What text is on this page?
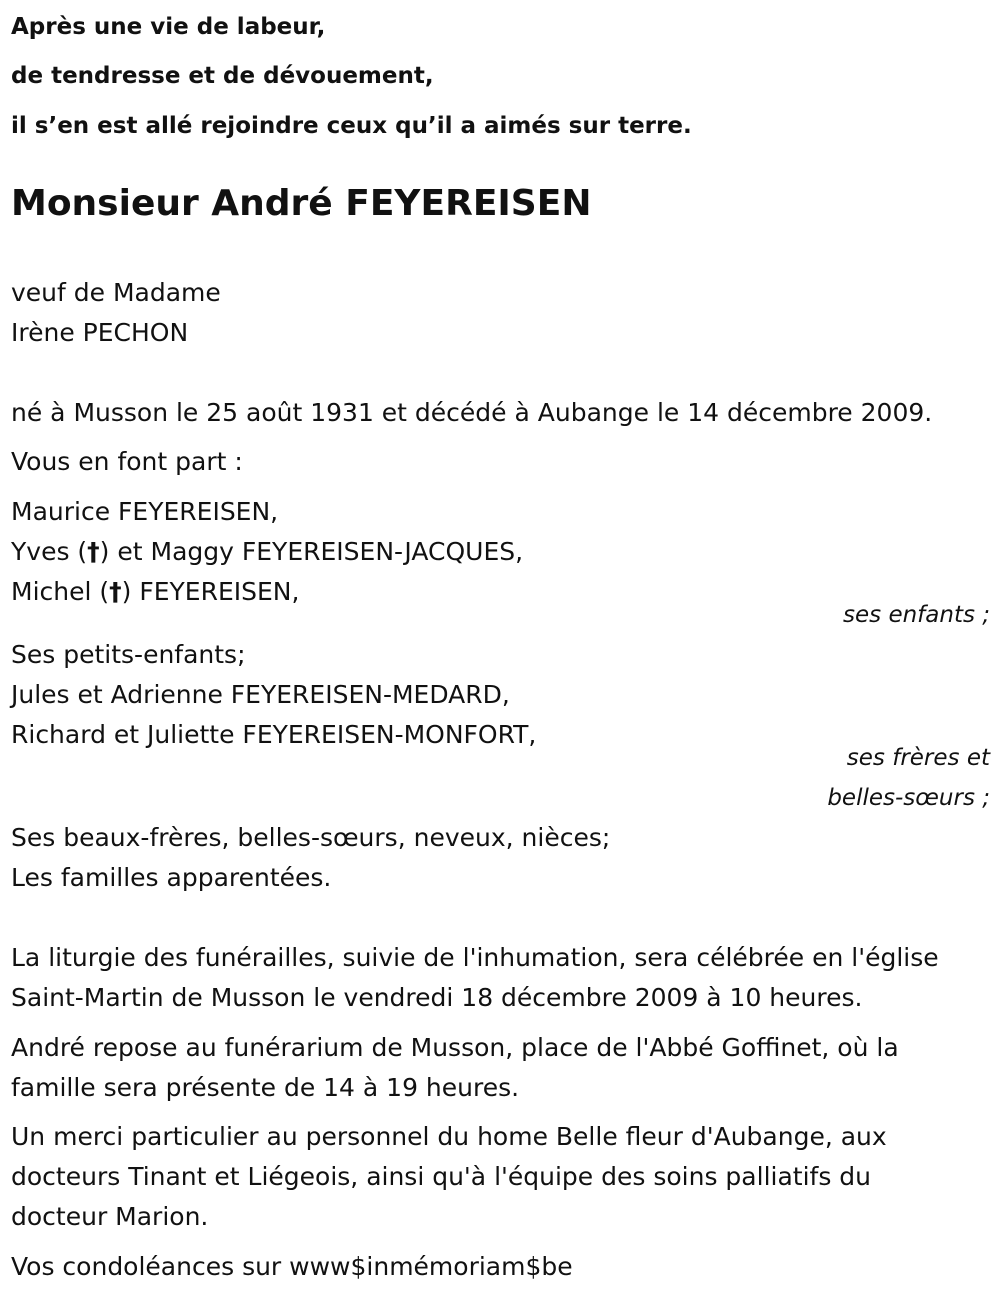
Après une vie de labeur,
de tendresse et de dévouement,
il s’en est allé rejoindre ceux qu’il a aimés sur terre.
Monsieur André FEYEREISEN
veuf de Madame
Irène PECHON
né à Musson le 25 août 1931 et décédé à Aubange le 14 décembre 2009.
Vous en font part :
Maurice FEYEREISEN,
Yves (†) et Maggy FEYEREISEN-JACQUES,
Michel (†) FEYEREISEN,
ses enfants ;
Ses petits-enfants;
Jules et Adrienne FEYEREISEN-MEDARD,
Richard et Juliette FEYEREISEN-MONFORT,
ses frères et
belles-sœurs ;
Ses beaux-frères, belles-sœurs, neveux, nièces;
Les familles apparentées.
La liturgie des funérailles, suivie de l'inhumation, sera célébrée en l'église
Saint-Martin de Musson le vendredi 18 décembre 2009 à 10 heures.
André repose au funérarium de Musson, place de l'Abbé Goffinet, où la
famille sera présente de 14 à 19 heures.
Un merci particulier au personnel du home Belle fleur d'Aubange, aux
docteurs Tinant et Liégeois, ainsi qu'à l'équipe des soins palliatifs du
docteur Marion.
Vos condoléances sur www$inmémoriam$be
